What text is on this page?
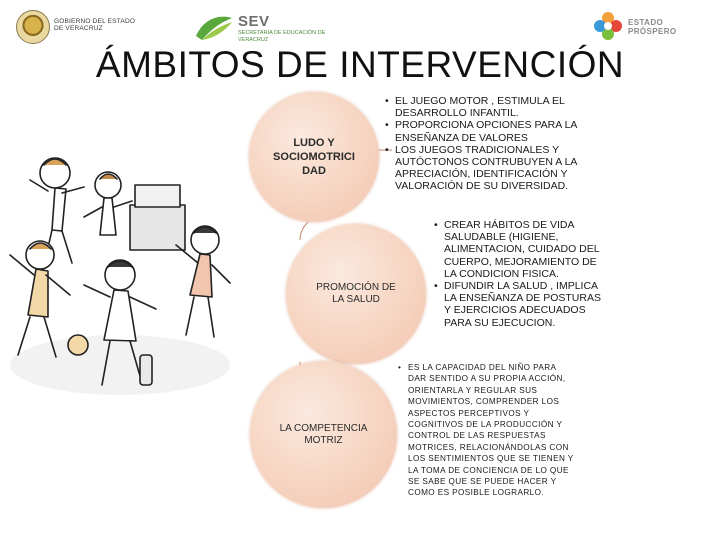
GOBIERNO DEL ESTADO DE VERACRUZ	SEV
SECRETARÍA DE EDUCACIÓN DE VERACRUZ
ESTADO PRÓSPERO
ÁMBITOS DE INTERVENCIÓN
LUDO Y SOCIOMOTRICI DAD
PROMOCIÓN DE LA SALUD
LA COMPETENCIA MOTRIZ
• EL JUEGO MOTOR , ESTIMULA EL DESARROLLO INFANTIL.
• PROPORCIONA OPCIONES PARA LA ENSEÑANZA DE VALORES
• LOS JUEGOS TRADICIONALES Y AUTÓCTONOS CONTRUBUYEN A LA APRECIACIÓN, IDENTIFICACIÓN Y VALORACIÓN DE SU DIVERSIDAD.
• CREAR HÁBITOS DE VIDA SALUDABLE (HIGIENE, ALIMENTACION, CUIDADO DEL CUERPO, MEJORAMIENTO DE LA CONDICION FISICA.
• DIFUNDIR LA SALUD , IMPLICA LA ENSEÑANZA DE POSTURAS Y EJERCICIOS ADECUADOS PARA SU EJECUCION.
• ES LA CAPACIDAD DEL NIÑO PARA DAR SENTIDO A SU PROPIA ACCIÓN, ORIENTARLA Y REGULAR SUS MOVIMIENTOS, COMPRENDER LOS ASPECTOS PERCEPTIVOS Y COGNITIVOS DE LA PRODUCCIÓN Y CONTROL DE LAS RESPUESTAS MOTRICES, RELACIONÁNDOLAS CON LOS SENTIMIENTOS QUE SE TIENEN Y LA TOMA DE CONCIENCIA DE LO QUE SE SABE QUE SE PUEDE HACER Y COMO ES POSIBLE LOGRARLO.
